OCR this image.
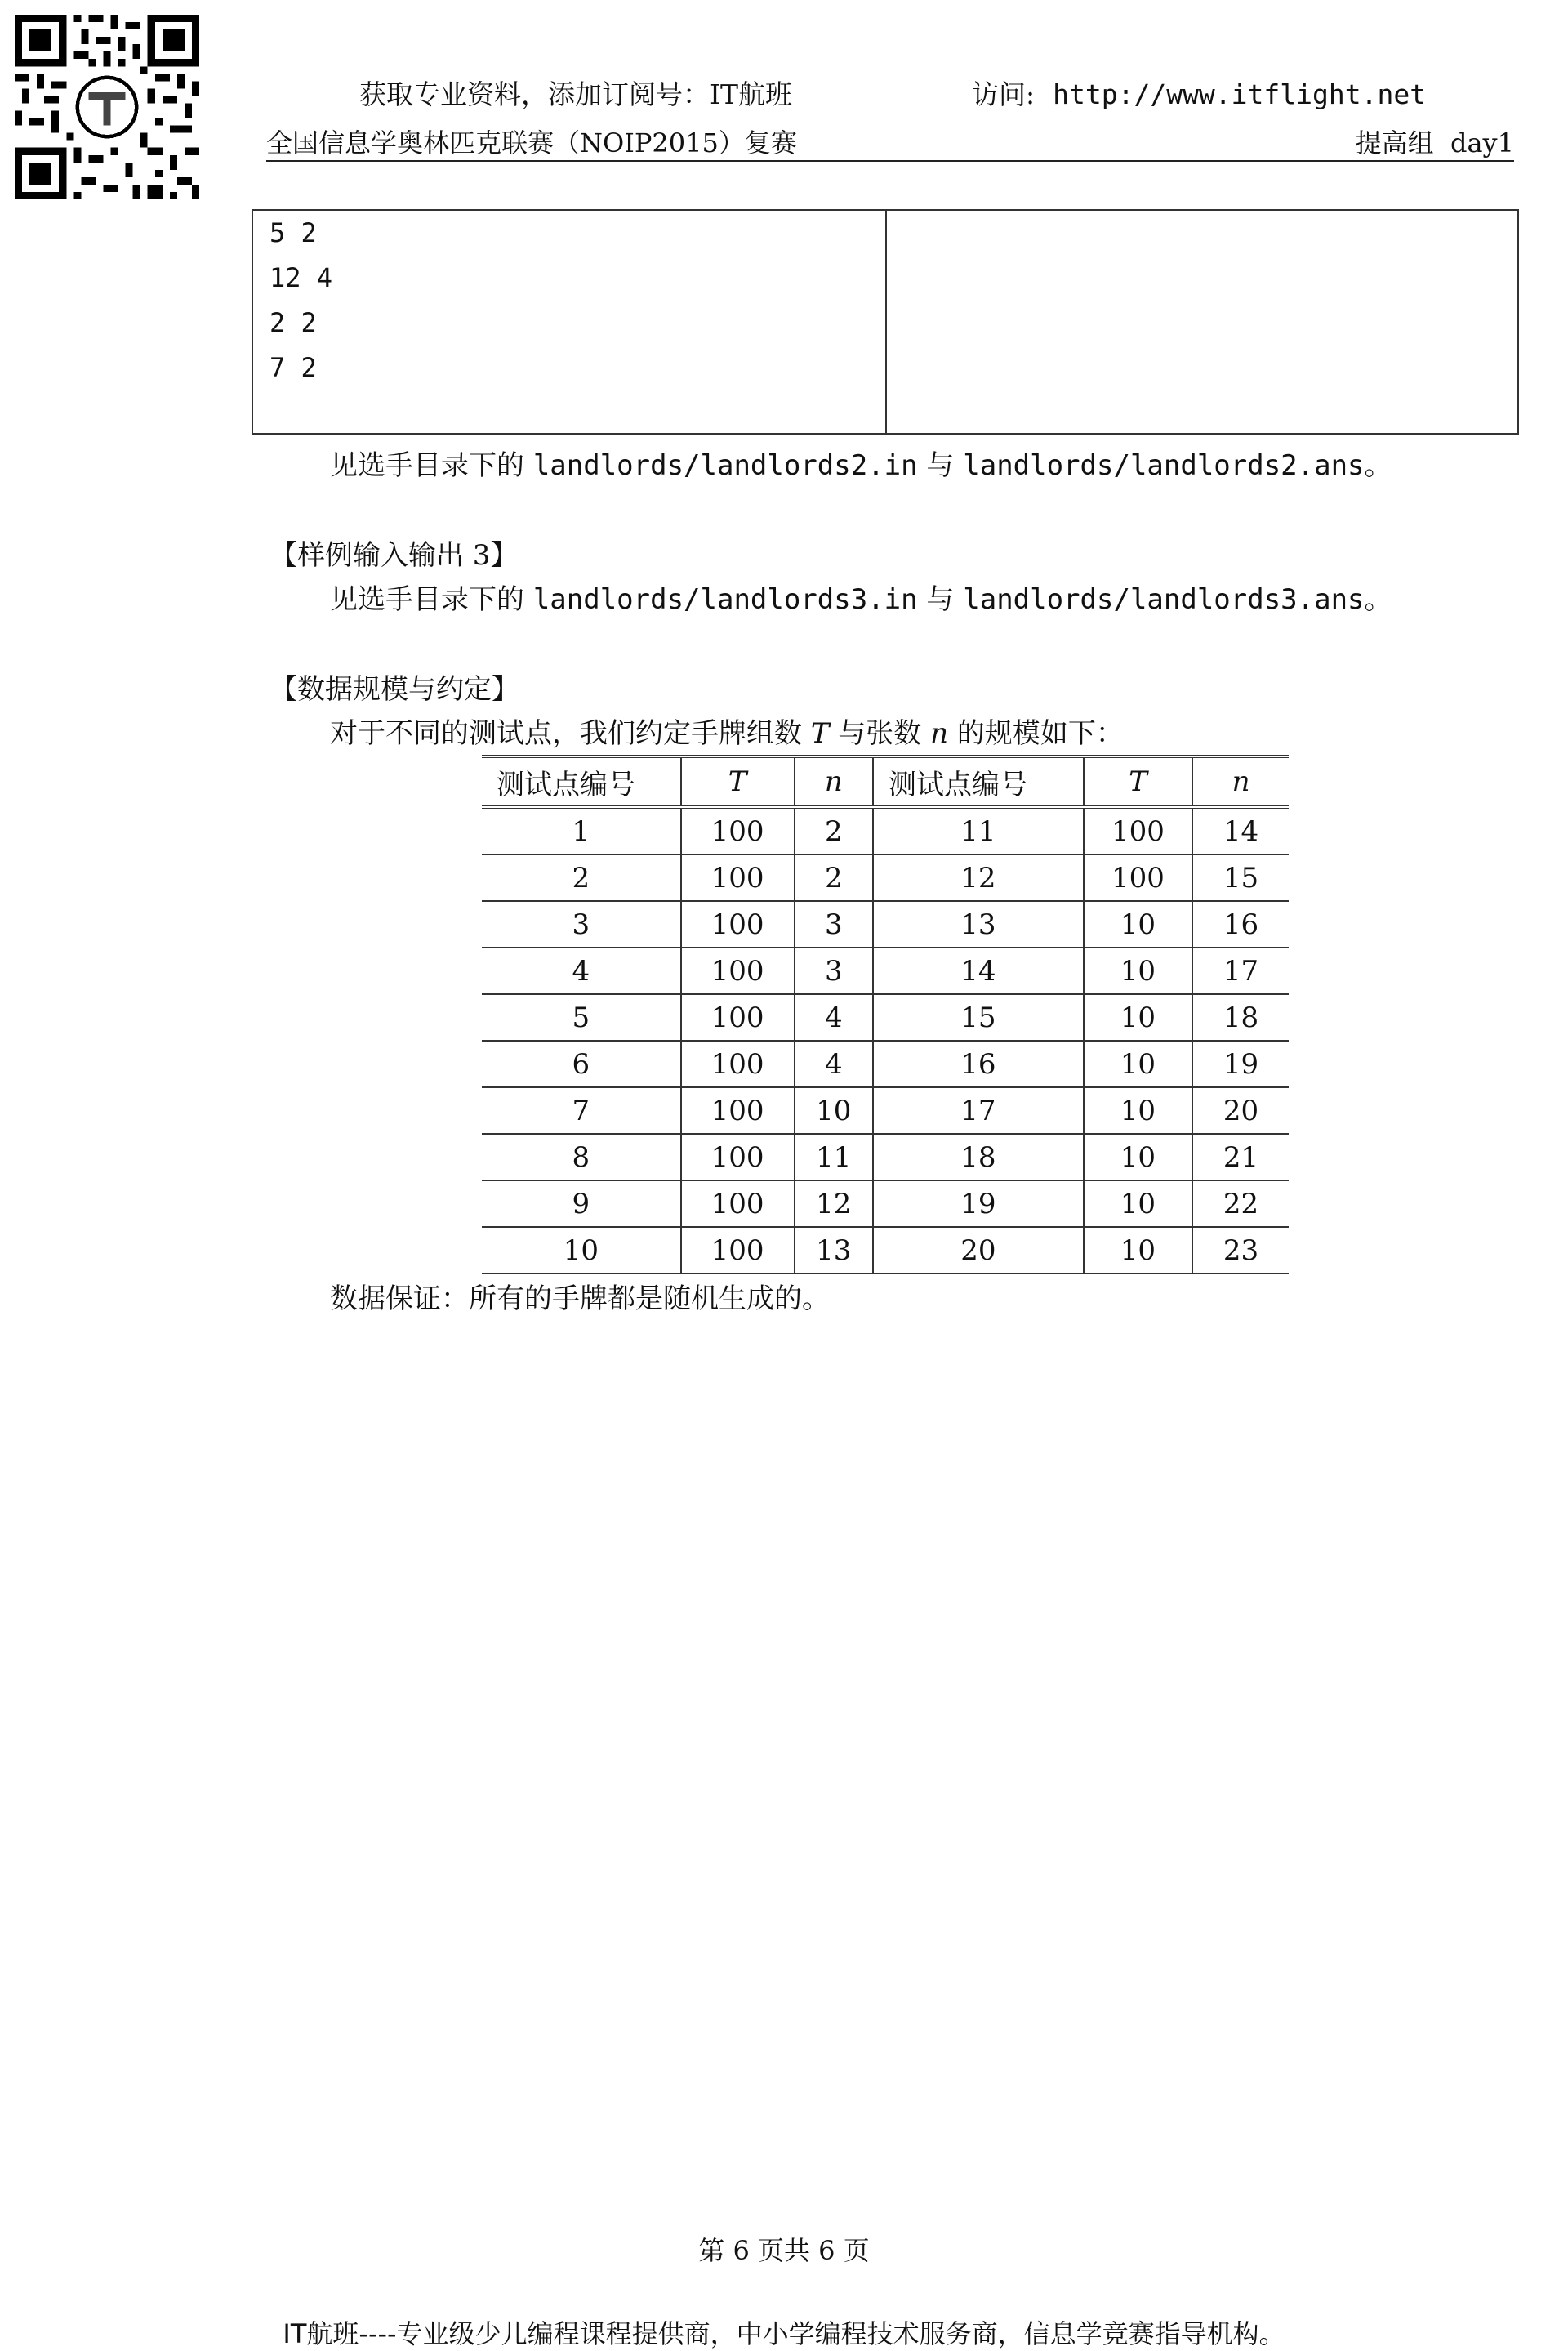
获取专业资料，添加订阅号：IT航班	访问: http://www.itflight.net
全国信息学奥林匹克联赛（NOIP2015）复赛	提高组  day1
5 2
12 4
2 2
7 2
见选手目录下的 landlords/landlords2.in 与 landlords/landlords2.ans。
【样例输入输出 3】
见选手目录下的 landlords/landlords3.in 与 landlords/landlords3.ans。
【数据规模与约定】
对于不同的测试点，我们约定手牌组数 T 与张数 n 的规模如下：
测试点编号	T	n	测试点编号	T	n
1	100	2	11	100	14
2	100	2	12	100	15
3	100	3	13	10	16
4	100	3	14	10	17
5	100	4	15	10	18
6	100	4	16	10	19
7	100	10	17	10	20
8	100	11	18	10	21
9	100	12	19	10	22
10	100	13	20	10	23
数据保证：所有的手牌都是随机生成的。
第 6 页共 6 页
IT航班----专业级少儿编程课程提供商，中小学编程技术服务商，信息学竞赛指导机构。
